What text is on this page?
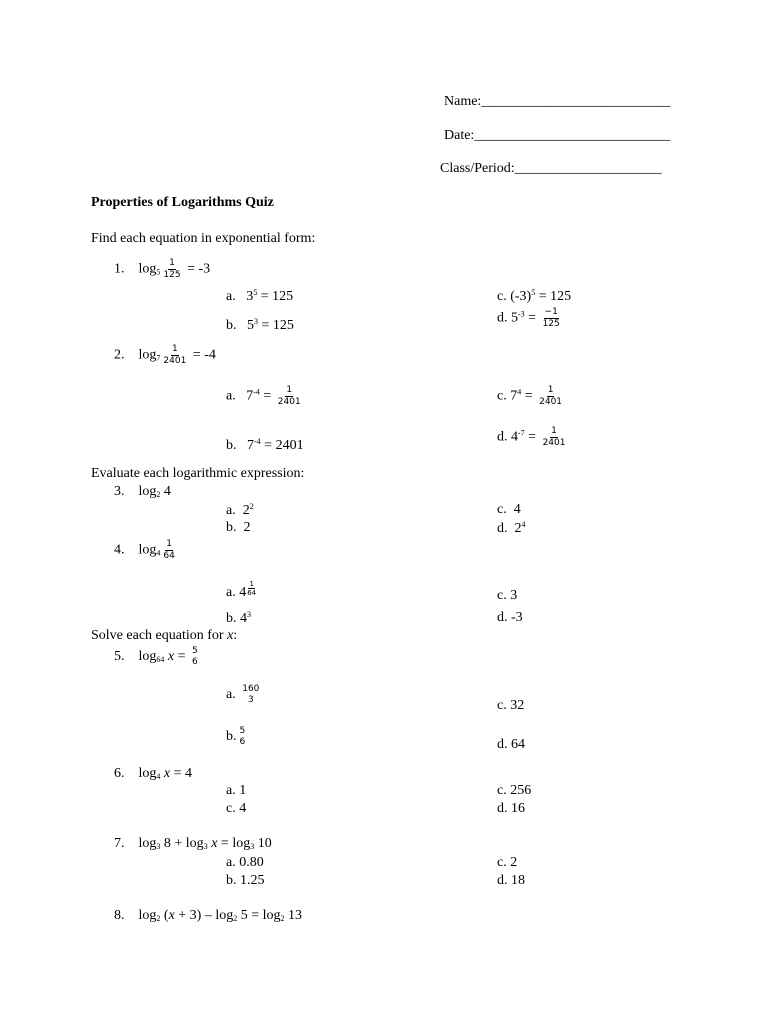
Name:___________________________
Date:____________________________
Class/Period:_____________________
Properties of Logarithms Quiz
Find each equation in exponential form:
1. $\log_5 \frac{1}{125} = -3$
a. $3^5 = 125$
b. $5^3 = 125$
c. $(-3)^5 = 125$
d. $5^{-3} = \frac{-1}{125}$
2. $\log_7 \frac{1}{2401} = -4$
a. $7^{-4} = \frac{1}{2401}$
b. $7^{-4} = 2401$
c. $7^4 = \frac{1}{2401}$
d. $4^{-7} = \frac{1}{2401}$
Evaluate each logarithmic expression:
3. $\log_2 4$
a. $2^2$
b. 2
c. 4
d. $2^4$
4. $\log_4 \frac{1}{64}$
a. $4 \frac{1}{64}$
b. $4^3$
c. 3
d. -3
Solve each equation for x:
5. $\log_{64} x = 5$
6
a. 160
3
b. 5
6
c. 32
d. 64
6. $\log_4 x = 4$
a. 1
c. 4
c. 256
d. 16
7. $\log_3 8 + \log_3 x = \log_3 10$
a. 0.80
b. 1.25
c. 2
d. 18
8. $\log_2 (x + 3) - \log_2 5 = \log_2 13$
